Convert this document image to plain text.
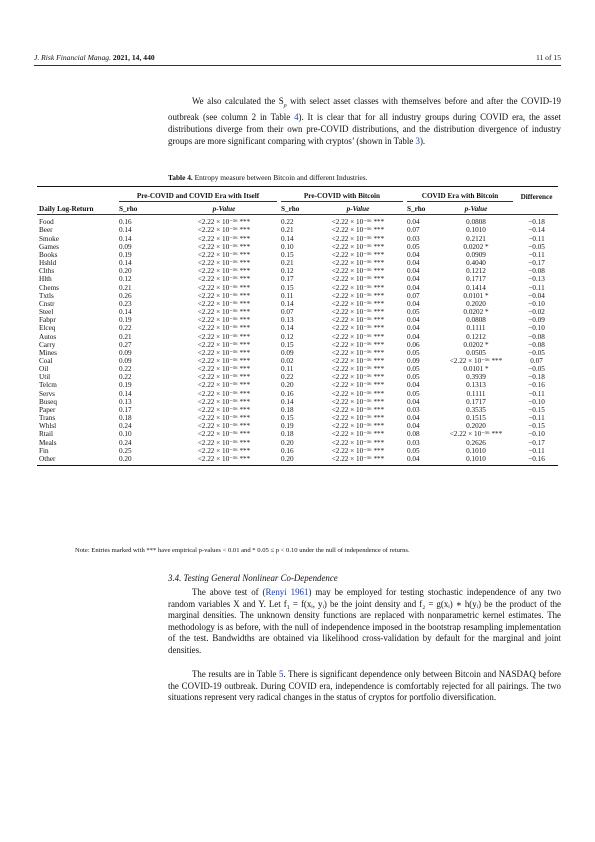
J. Risk Financial Manag. 2021, 14, 440	11 of 15
We also calculated the $S_\rho$ with select asset classes with themselves before and after the COVID-19 outbreak (see column 2 in Table 4). It is clear that for all industry groups during COVID era, the asset distributions diverge from their own pre-COVID distributions, and the distribution divergence of industry groups are more significant comparing with cryptos’ (shown in Table 3).
Table 4. Entropy measure between Bitcoin and different Industries.

	Pre-COVID and COVID Era with Itself		Pre-COVID with Bitcoin		COVID Era with Bitcoin		Difference
Daily Log-Return	S_rho	p-Value	S_rho	p-Value	S_rho	p-Value	
Food	0.16	<2.22 × 10⁻¹⁶ ***	0.22	<2.22 × 10⁻¹⁶ ***	0.04	0.0808	−0.18
Beer	0.14	<2.22 × 10⁻¹⁶ ***	0.21	<2.22 × 10⁻¹⁶ ***	0.07	0.1010	−0.14
Smoke	0.14	<2.22 × 10⁻¹⁶ ***	0.14	<2.22 × 10⁻¹⁶ ***	0.03	0.2121	−0.11
Games	0.09	<2.22 × 10⁻¹⁶ ***	0.10	<2.22 × 10⁻¹⁶ ***	0.05	0.0202 *	−0.05
Books	0.19	<2.22 × 10⁻¹⁶ ***	0.15	<2.22 × 10⁻¹⁶ ***	0.04	0.0909	−0.11
Hshld	0.14	<2.22 × 10⁻¹⁶ ***	0.21	<2.22 × 10⁻¹⁶ ***	0.04	0.4040	−0.17
Clths	0.20	<2.22 × 10⁻¹⁶ ***	0.12	<2.22 × 10⁻¹⁶ ***	0.04	0.1212	−0.08
Hlth	0.12	<2.22 × 10⁻¹⁶ ***	0.17	<2.22 × 10⁻¹⁶ ***	0.04	0.1717	−0.13
Chems	0.21	<2.22 × 10⁻¹⁶ ***	0.15	<2.22 × 10⁻¹⁶ ***	0.04	0.1414	−0.11
Txtls	0.26	<2.22 × 10⁻¹⁶ ***	0.11	<2.22 × 10⁻¹⁶ ***	0.07	0.0101 *	−0.04
Cnstr	0.23	<2.22 × 10⁻¹⁶ ***	0.14	<2.22 × 10⁻¹⁶ ***	0.04	0.2020	−0.10
Steel	0.14	<2.22 × 10⁻¹⁶ ***	0.07	<2.22 × 10⁻¹⁶ ***	0.05	0.0202 *	−0.02
Fabpr	0.19	<2.22 × 10⁻¹⁶ ***	0.13	<2.22 × 10⁻¹⁶ ***	0.04	0.0808	−0.09
Elceq	0.22	<2.22 × 10⁻¹⁶ ***	0.14	<2.22 × 10⁻¹⁶ ***	0.04	0.1111	−0.10
Autos	0.21	<2.22 × 10⁻¹⁶ ***	0.12	<2.22 × 10⁻¹⁶ ***	0.04	0.1212	−0.08
Carry	0.27	<2.22 × 10⁻¹⁶ ***	0.15	<2.22 × 10⁻¹⁶ ***	0.06	0.0202 *	−0.08
Mines	0.09	<2.22 × 10⁻¹⁶ ***	0.09	<2.22 × 10⁻¹⁶ ***	0.05	0.0505	−0.05
Coal	0.09	<2.22 × 10⁻¹⁶ ***	0.02	<2.22 × 10⁻¹⁶ ***	0.09	<2.22 × 10⁻¹⁶ ***	0.07
Oil	0.22	<2.22 × 10⁻¹⁶ ***	0.11	<2.22 × 10⁻¹⁶ ***	0.05	0.0101 *	−0.05
Util	0.22	<2.22 × 10⁻¹⁶ ***	0.22	<2.22 × 10⁻¹⁶ ***	0.05	0.3939	−0.18
Telcm	0.19	<2.22 × 10⁻¹⁶ ***	0.20	<2.22 × 10⁻¹⁶ ***	0.04	0.1313	−0.16
Servs	0.14	<2.22 × 10⁻¹⁶ ***	0.16	<2.22 × 10⁻¹⁶ ***	0.05	0.1111	−0.11
Buseq	0.13	<2.22 × 10⁻¹⁶ ***	0.14	<2.22 × 10⁻¹⁶ ***	0.04	0.1717	−0.10
Paper	0.17	<2.22 × 10⁻¹⁶ ***	0.18	<2.22 × 10⁻¹⁶ ***	0.03	0.3535	−0.15
Trans	0.18	<2.22 × 10⁻¹⁶ ***	0.15	<2.22 × 10⁻¹⁶ ***	0.04	0.1515	−0.11
Whlsl	0.24	<2.22 × 10⁻¹⁶ ***	0.19	<2.22 × 10⁻¹⁶ ***	0.04	0.2020	−0.15
Rtail	0.10	<2.22 × 10⁻¹⁶ ***	0.18	<2.22 × 10⁻¹⁶ ***	0.08	<2.22 × 10⁻¹⁶ ***	−0.10
Meals	0.24	<2.22 × 10⁻¹⁶ ***	0.20	<2.22 × 10⁻¹⁶ ***	0.03	0.2626	−0.17
Fin	0.25	<2.22 × 10⁻¹⁶ ***	0.16	<2.22 × 10⁻¹⁶ ***	0.05	0.1010	−0.11
Other	0.20	<2.22 × 10⁻¹⁶ ***	0.20	<2.22 × 10⁻¹⁶ ***	0.04	0.1010	−0.16
Note: Entries marked with *** have empirical p-values < 0.01 and * 0.05 ≤ p < 0.10 under the null of independence of returns.
3.4. Testing General Nonlinear Co-Dependence
The above test of (Renyi 1961) may be employed for testing stochastic independence of any two random variables X and Y. Let f₁ = f(xᵢ, yᵢ) be the joint density and f₂ = g(xᵢ) ∗ h(yᵢ) be the product of the marginal densities. The unknown density functions are replaced with nonparametric kernel estimates. The methodology is as before, with the null of independence imposed in the bootstrap resampling implementation of the test. Bandwidths are obtained via likelihood cross-validation by default for the marginal and joint densities.
The results are in Table 5. There is significant dependence only between Bitcoin and NASDAQ before the COVID-19 outbreak. During COVID era, independence is comfortably rejected for all pairings. The two situations represent very radical changes in the status of cryptos for portfolio diversification.
